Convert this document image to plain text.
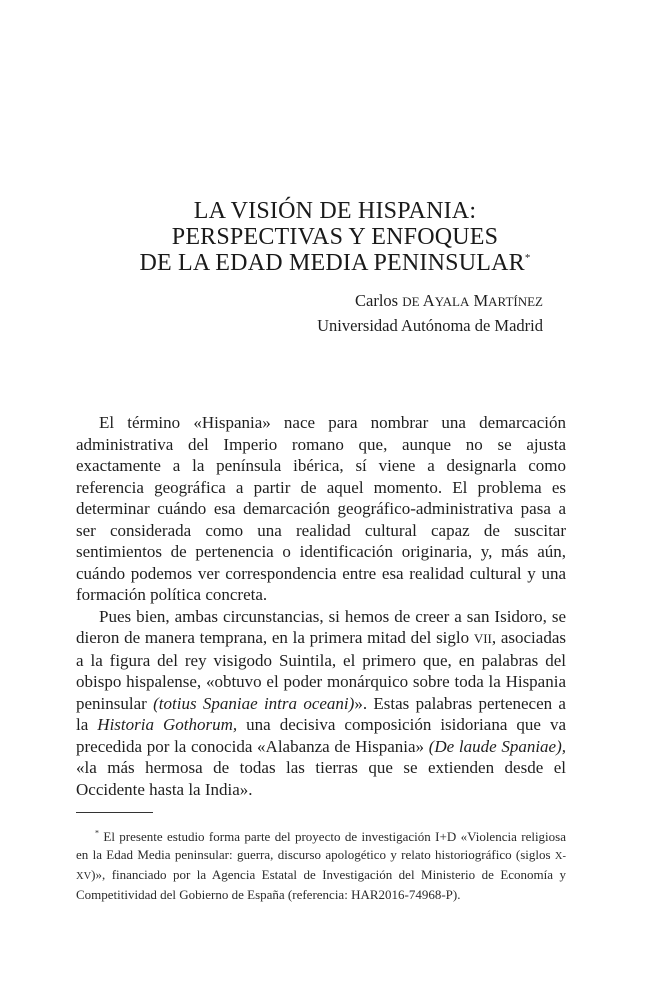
LA VISIÓN DE HISPANIA:
PERSPECTIVAS Y ENFOQUES
DE LA EDAD MEDIA PENINSULAR*
Carlos DE AYALA MARTÍNEZ
Universidad Autónoma de Madrid

El término «Hispania» nace para nombrar una demarcación administrativa del Imperio romano que, aunque no se ajusta exactamente a la península ibérica, sí viene a designarla como referencia geográfica a partir de aquel momento. El problema es determinar cuándo esa demarcación geográfico-administrativa pasa a ser considerada como una realidad cultural capaz de suscitar sentimientos de pertenencia o identificación originaria, y, más aún, cuándo podemos ver correspondencia entre esa realidad cultural y una formación política concreta.

Pues bien, ambas circunstancias, si hemos de creer a san Isidoro, se dieron de manera temprana, en la primera mitad del siglo VII, asociadas a la figura del rey visigodo Suintila, el primero que, en palabras del obispo hispalense, «obtuvo el poder monárquico sobre toda la Hispania peninsular (totius Spaniae intra oceani)». Estas palabras pertenecen a la Historia Gothorum, una decisiva composición isidoriana que va precedida por la conocida «Alabanza de Hispania» (De laude Spaniae), «la más hermosa de todas las tierras que se extienden desde el Occidente hasta la India».

* El presente estudio forma parte del proyecto de investigación I+D «Violencia religiosa en la Edad Media peninsular: guerra, discurso apologético y relato historiográfico (siglos X-XV)», financiado por la Agencia Estatal de Investigación del Ministerio de Economía y Competitividad del Gobierno de España (referencia: HAR2016-74968-P).
